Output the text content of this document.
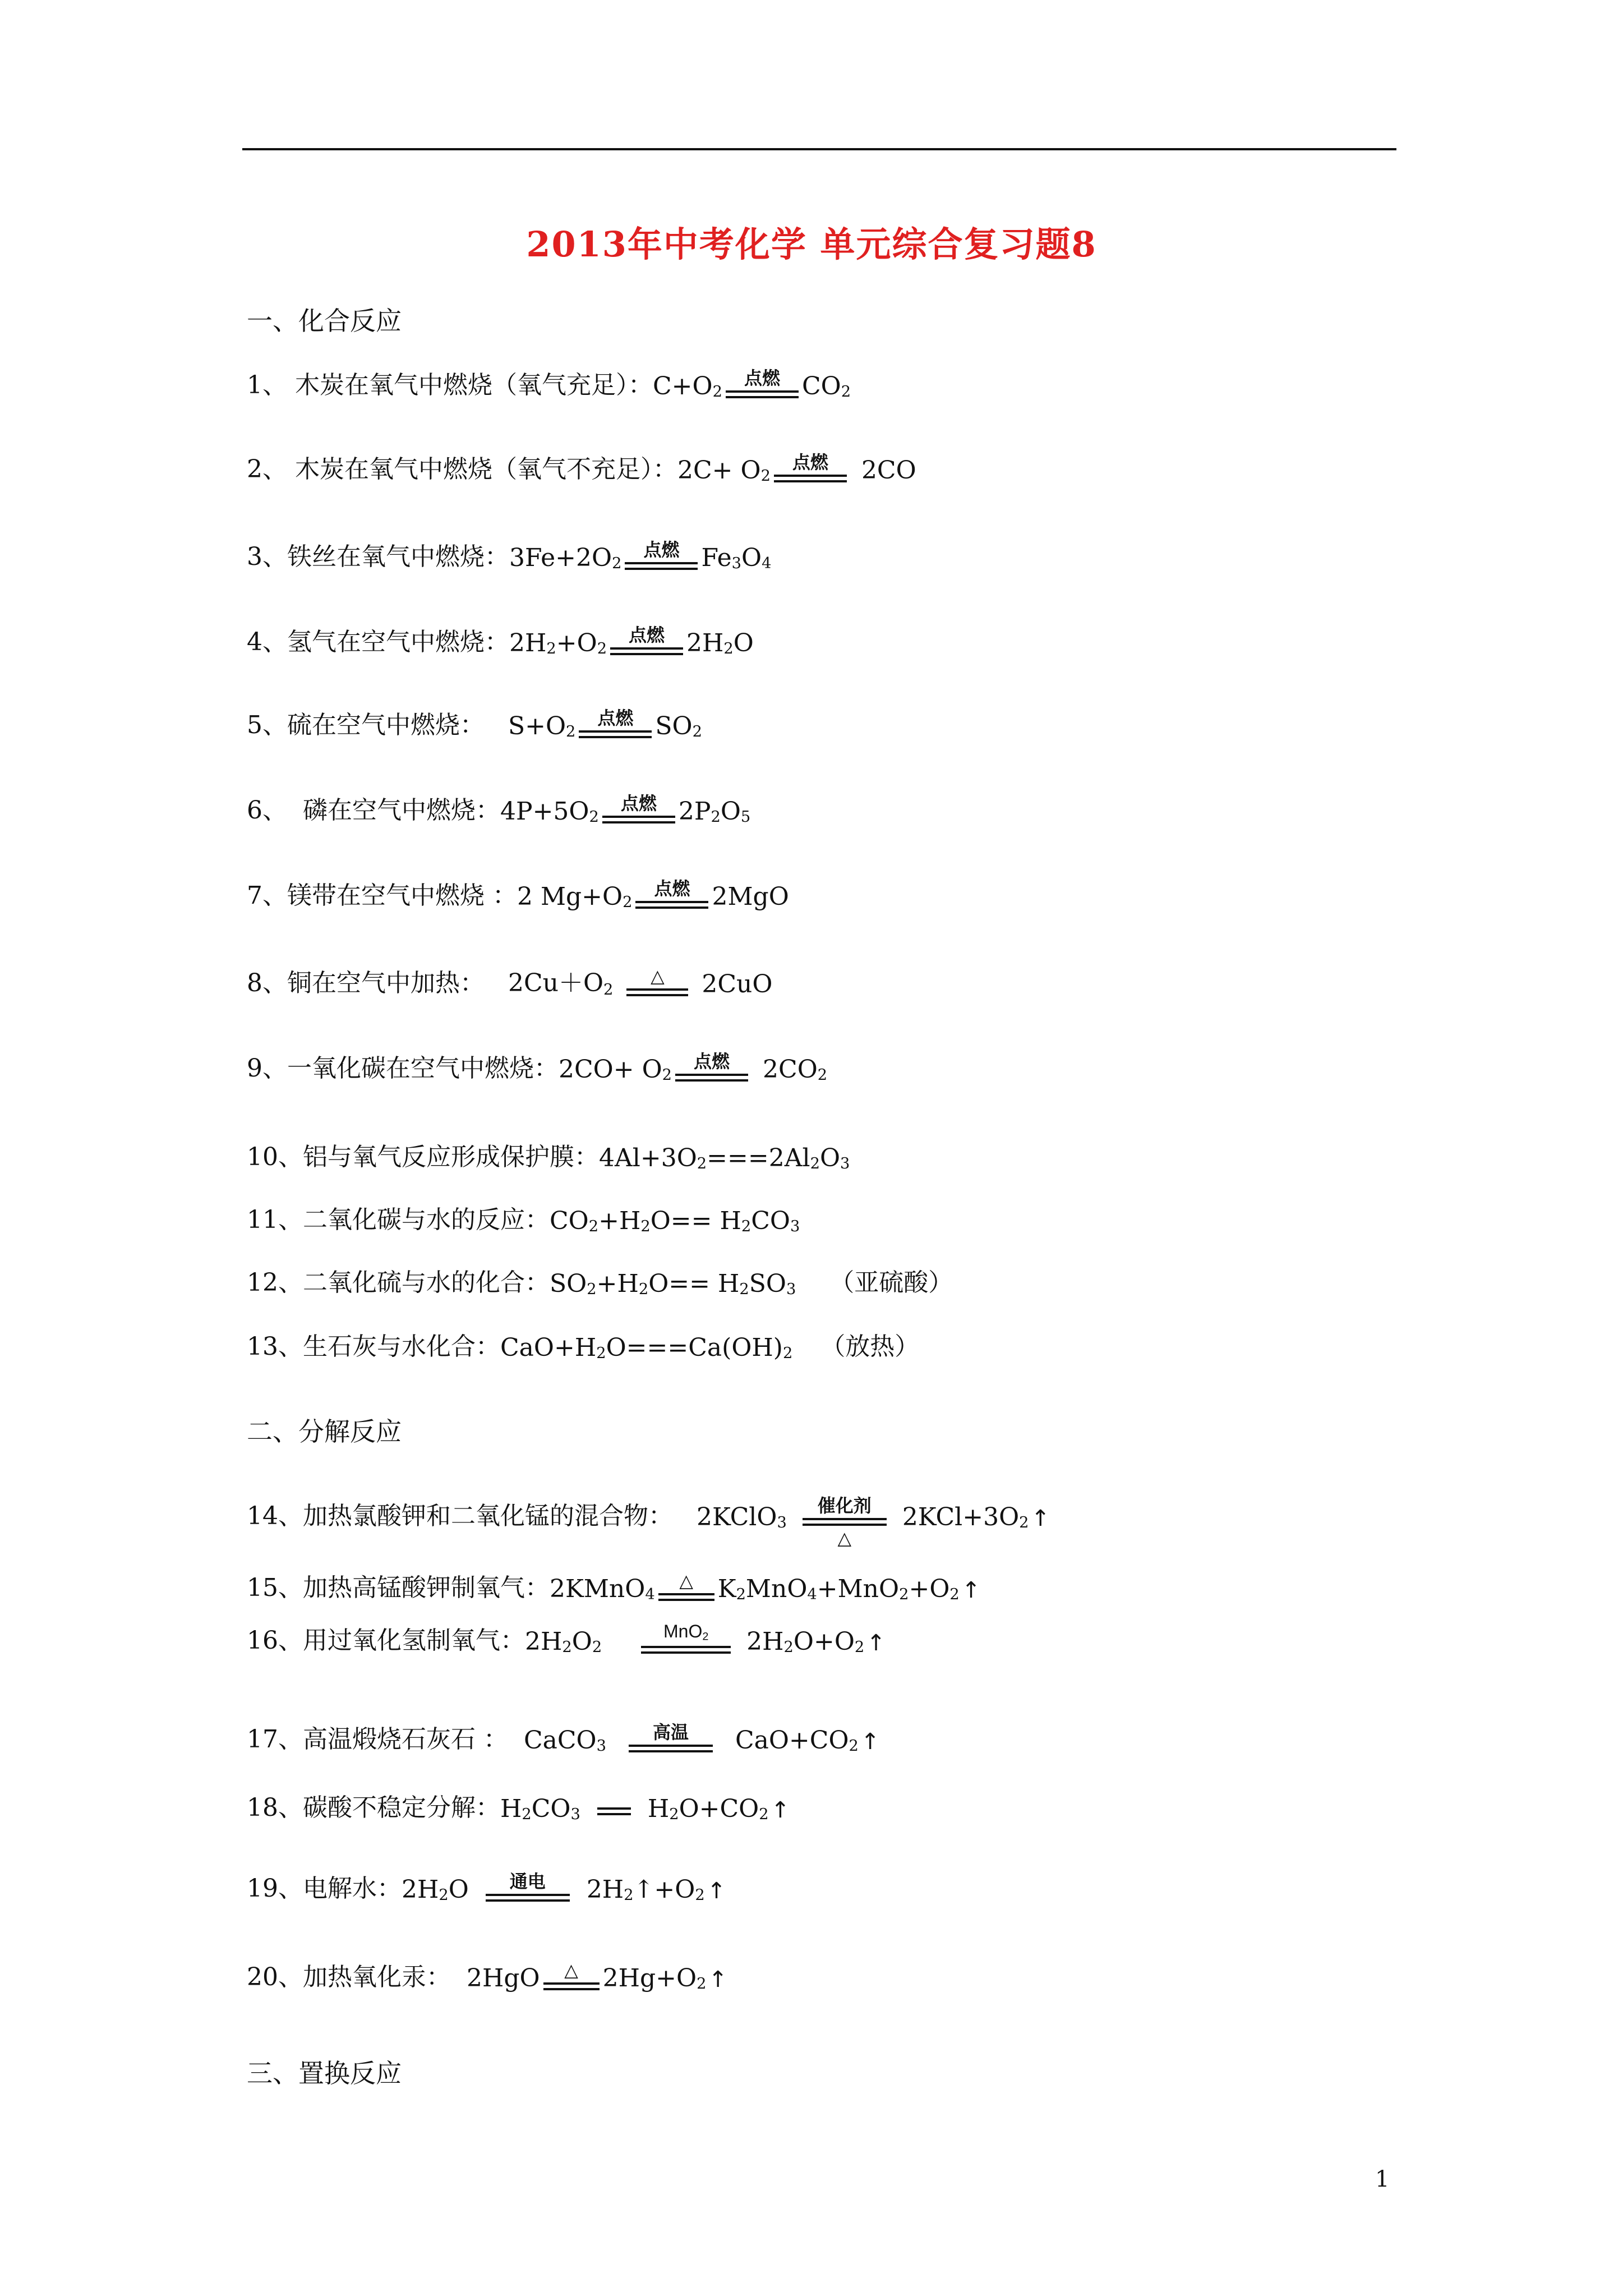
2013年中考化学 单元综合复习题8
一、化合反应
1、 木炭在氧气中燃烧（氧气充足）： $C+O_2$
点燃 $CO_2$
2、 木炭在氧气中燃烧（氧气不充足）： $2C+ O_2$
点燃 2CO
3、铁丝在氧气中燃烧： $3Fe+2O_2$
点燃 $Fe_3$ $O_4$
4、氢气在空气中燃烧： $2H_2 +O_2$
点燃 $2H_2$ O
5、硫在空气中燃烧： $S+O_2$
点燃 $SO_2$
6、  磷在空气中燃烧： $4P+5O_2$
点燃 $2P_2$ $O_5$
7、镁带在空气中燃烧 ： 2 $Mg+O_2$
点燃 2MgO
8、铜在空气中加热： $2Cu+O_2$
△ 2CuO
9、一氧化碳在空气中燃烧： $2CO+ O_2$
点燃 $2CO_2$
10、铝与氧气反应形成保护膜： $4Al+3O_2 ===2Al_2$ $O_3$
11、二氧化碳与水的反应： $CO_2 +H_2$ $O== H_2$ $CO_3$
12、二氧化硫与水的化合： $SO_2 +H_2$ $O== H_2$ $SO_3$ （亚硫酸）
13、生石灰与水化合： $CaO+H_2$ $O===Ca(OH)_2$ （放热）
二、分解反应
14、加热氯酸钾和二氧化锰的混合物： 2KClO$_3$
催化剂
△
$2KCl+3O_2$ ↑
15、加热高锰酸钾制氧气： 2KMnO$_4$
△ $K_2$ $MnO_4 +MnO_2 +O_2$ ↑
16、用过氧化氢制氧气： $2H_2$ $O_2$
MnO$_2$ $2H_2$ $O+O_2$ ↑
17、高温煅烧石灰石 ： CaCO$_3$
高温 $CaO+CO_2$ ↑
18、碳酸不稳定分解： $H_2$ $CO_3$	$H_2$ $O+CO_2$ ↑
19、电解水： $2H_2$ O 通电 $2H_2$ $↑+O_2$ ↑
20、加热氧化汞： 2HgO △ $2Hg+O_2$ ↑
三、置换反应
1
